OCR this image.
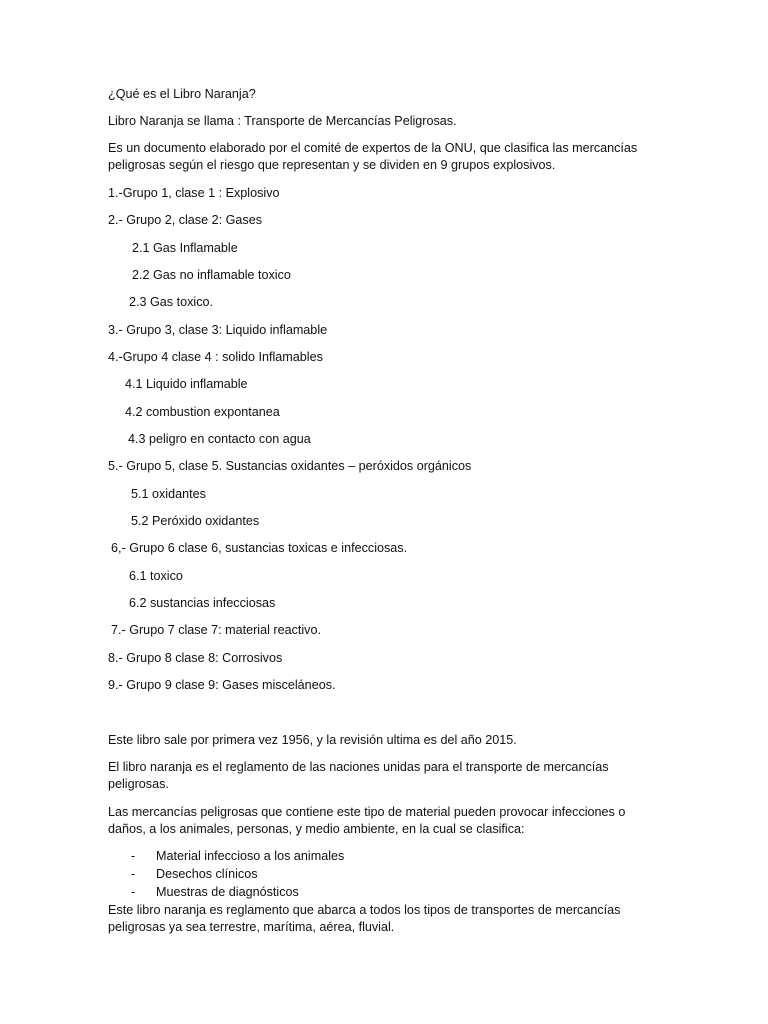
¿Qué es el Libro Naranja?
Libro Naranja se llama : Transporte de Mercancías Peligrosas.
Es un documento elaborado por el comité de expertos de la ONU, que clasifica las mercancías
peligrosas según el riesgo que representan y se dividen en 9 grupos explosivos.
1.-Grupo 1, clase 1 : Explosivo
2.- Grupo 2, clase 2: Gases
2.1 Gas Inflamable
2.2 Gas no inflamable toxico
2.3 Gas toxico.
3.- Grupo 3, clase 3: Liquido inflamable
4.-Grupo 4 clase 4 : solido Inflamables
4.1 Liquido inflamable
4.2 combustion expontanea
4.3 peligro en contacto con agua
5.- Grupo 5, clase 5. Sustancias oxidantes – peróxidos orgánicos
5.1 oxidantes
5.2 Peróxido oxidantes
6,- Grupo 6 clase 6, sustancias toxicas e infecciosas.
6.1 toxico
6.2 sustancias infecciosas
7.- Grupo 7 clase 7: material reactivo.
8.- Grupo 8 clase 8: Corrosivos
9.- Grupo 9 clase 9: Gases misceláneos.
Este libro sale por primera vez 1956, y la revisión ultima es del año 2015.
El libro naranja es el reglamento de las naciones unidas para el transporte de mercancías
peligrosas.
Las mercancías peligrosas que contiene este tipo de material pueden provocar infecciones o
daños, a los animales, personas, y medio ambiente, en la cual se clasifica:
- Material infeccioso a los animales
- Desechos clínicos
- Muestras de diagnósticos
Este libro naranja es reglamento que abarca a todos los tipos de transportes de mercancías
peligrosas ya sea terrestre, marítima, aérea, fluvial.
